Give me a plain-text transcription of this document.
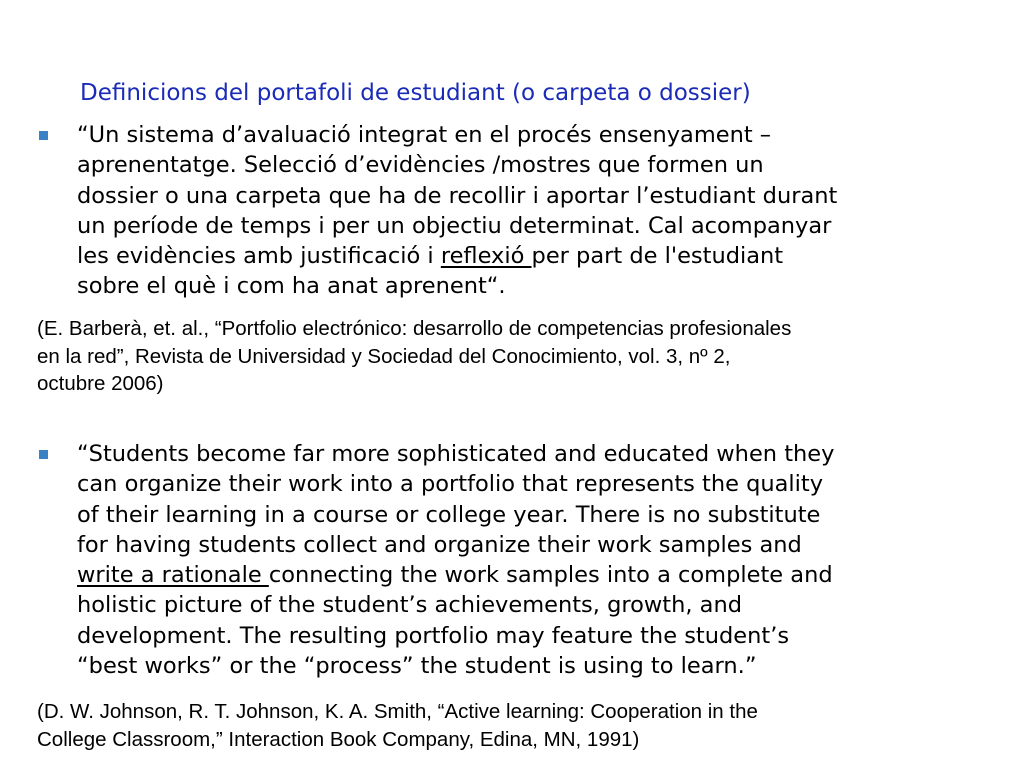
Definicions del portafoli de estudiant (o carpeta o dossier)
“Un sistema d’avaluació integrat en el procés ensenyament –
aprenentatge. Selecció d’evidències /mostres que formen un
dossier o una carpeta que ha de recollir i aportar l’estudiant durant
un període de temps i per un objectiu determinat. Cal acompanyar
les evidències amb justificació i reflexió per part de l'estudiant
sobre el què i com ha anat aprenent“.
(E. Barberà, et. al., “Portfolio electrónico: desarrollo de competencias profesionales
en la red”, Revista de Universidad y Sociedad del Conocimiento, vol. 3, nº 2,
octubre 2006)
“Students become far more sophisticated and educated when they
can organize their work into a portfolio that represents the quality
of their learning in a course or college year. There is no substitute
for having students collect and organize their work samples and
write a rationale connecting the work samples into a complete and
holistic picture of the student’s achievements, growth, and
development. The resulting portfolio may feature the student’s
“best works” or the “process” the student is using to learn.”
(D. W. Johnson, R. T. Johnson, K. A. Smith, “Active learning: Cooperation in the
College Classroom,” Interaction Book Company, Edina, MN, 1991)
